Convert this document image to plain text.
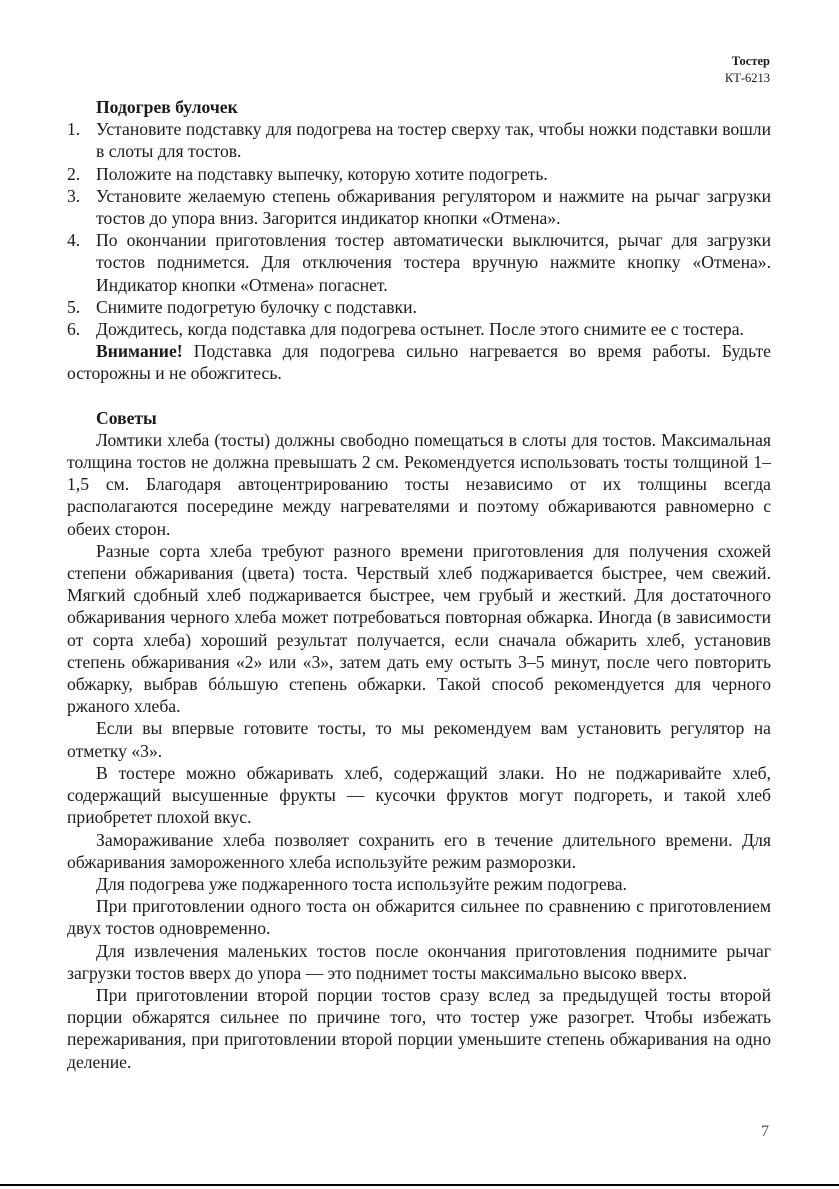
Тостер
КТ-6213
Подогрев булочек
1. Установите подставку для подогрева на тостер сверху так, чтобы ножки подставки вошли в слоты для тостов.
2. Положите на подставку выпечку, которую хотите подогреть.
3. Установите желаемую степень обжаривания регулятором и нажмите на рычаг загрузки тостов до упора вниз. Загорится индикатор кнопки «Отмена».
4. По окончании приготовления тостер автоматически выключится, рычаг для загрузки тостов поднимется. Для отключения тостера вручную нажмите кнопку «Отмена». Индикатор кнопки «Отмена» погаснет.
5. Снимите подогретую булочку с подставки.
6. Дождитесь, когда подставка для подогрева остынет. После этого снимите ее с тостера.

Внимание! Подставка для подогрева сильно нагревается во время работы. Будьте осторожны и не обожгитесь.

Советы

Ломтики хлеба (тосты) должны свободно помещаться в слоты для тостов. Максимальная толщина тостов не должна превышать 2 см. Рекомендуется использовать тосты толщиной 1–1,5 см. Благодаря автоцентрированию тосты независимо от их толщины всегда располагаются посередине между нагревателями и поэтому обжариваются равномерно с обеих сторон.

Разные сорта хлеба требуют разного времени приготовления для получения схожей степени обжаривания (цвета) тоста. Черствый хлеб поджаривается быстрее, чем свежий. Мягкий сдобный хлеб поджаривается быстрее, чем грубый и жесткий. Для достаточного обжаривания черного хлеба может потребоваться повторная обжарка. Иногда (в зависимости от сорта хлеба) хороший результат получается, если сначала обжарить хлеб, установив степень обжаривания «2» или «3», затем дать ему остыть 3–5 минут, после чего повторить обжарку, выбрав бóльшую степень обжарки. Такой способ рекомендуется для черного ржаного хлеба.

Если вы впервые готовите тосты, то мы рекомендуем вам установить регулятор на отметку «3».

В тостере можно обжаривать хлеб, содержащий злаки. Но не поджаривайте хлеб, содержащий высушенные фрукты — кусочки фруктов могут подгореть, и такой хлеб приобретет плохой вкус.

Замораживание хлеба позволяет сохранить его в течение длительного времени. Для обжаривания замороженного хлеба используйте режим разморозки.

Для подогрева уже поджаренного тоста используйте режим подогрева.

При приготовлении одного тоста он обжарится сильнее по сравнению с приготовлением двух тостов одновременно.

Для извлечения маленьких тостов после окончания приготовления поднимите рычаг загрузки тостов вверх до упора — это поднимет тосты максимально высоко вверх.

При приготовлении второй порции тостов сразу вслед за предыдущей тосты второй порции обжарятся сильнее по причине того, что тостер уже разогрет. Чтобы избежать пережаривания, при приготовлении второй порции уменьшите степень обжаривания на одно деление.

7
